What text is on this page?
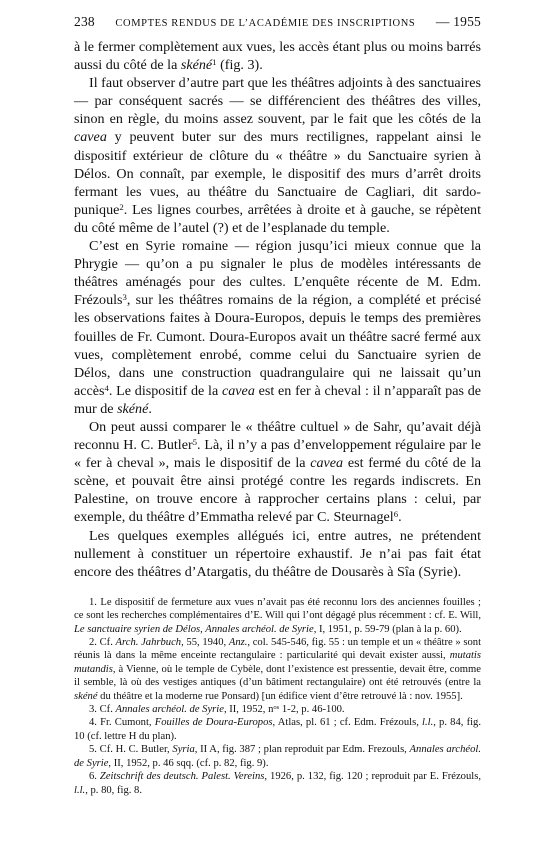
238 COMPTES RENDUS DE L’ACADÉMIE DES INSCRIPTIONS — 1955

à le fermer complètement aux vues, les accès étant plus ou moins barrés aussi du côté de la skéné$^1$ (fig. 3).

Il faut observer d’autre part que les théâtres adjoints à des sanctuaires — par conséquent sacrés — se différencient des théâtres des villes, sinon en règle, du moins assez souvent, par le fait que les côtés de la cavea y peuvent buter sur des murs rectilignes, rappelant ainsi le dispositif extérieur de clôture du « théâtre » du Sanctuaire syrien à Délos. On connaît, par exemple, le dispositif des murs d’arrêt droits fermant les vues, au théâtre du Sanctuaire de Cagliari, dit sardo-punique$^2$. Les lignes courbes, arrêtées à droite et à gauche, se répètent du côté même de l’autel (?) et de l’esplanade du temple.

C’est en Syrie romaine — région jusqu’ici mieux connue que la Phrygie — qu’on a pu signaler le plus de modèles intéressants de théâtres aménagés pour des cultes. L’enquête récente de M. Edm. Frézouls$^3$, sur les théâtres romains de la région, a complété et précisé les observations faites à Doura-Europos, depuis le temps des premières fouilles de Fr. Cumont. Doura-Europos avait un théâtre sacré fermé aux vues, complètement enrobé, comme celui du Sanctuaire syrien de Délos, dans une construction quadrangulaire qui ne laissait qu’un accès$^4$. Le dispositif de la cavea est en fer à cheval : il n’apparaît pas de mur de skéné.

On peut aussi comparer le « théâtre cultuel » de Sahr, qu’avait déjà reconnu H. C. Butler$^5$. Là, il n’y a pas d’enveloppement régulaire par le « fer à cheval », mais le dispositif de la cavea est fermé du côté de la scène, et pouvait être ainsi protégé contre les regards indiscrets. En Palestine, on trouve encore à rapprocher certains plans : celui, par exemple, du théâtre d’Emmatha relevé par C. Steurnagel$^6$.

Les quelques exemples allégués ici, entre autres, ne prétendent nullement à constituer un répertoire exhaustif. Je n’ai pas fait état encore des théâtres d’Atargatis, du théâtre de Dousarès à Sîa (Syrie).

1. Le dispositif de fermeture aux vues n’avait pas été reconnu lors des anciennes fouilles ; ce sont les recherches complémentaires d’E. Will qui l’ont dégagé plus récemment : cf. E. Will, Le sanctuaire syrien de Délos, Annales archéol. de Syrie, I, 1951, p. 59-79 (plan à la p. 60).

2. Cf. Arch. Jahrbuch, 55, 1940, Anz., col. 545-546, fig. 55 : un temple et un « théâtre » sont réunis là dans la même enceinte rectangulaire : particularité qui devait exister aussi, mutatis mutandis, à Vienne, où le temple de Cybèle, dont l’existence est pressentie, devait être, comme il semble, là où des vestiges antiques (d’un bâtiment rectangulaire) ont été retrouvés (entre la skéné du théâtre et la moderne rue Ponsard) [un édifice vient d’être retrouvé là : nov. 1955].

3. Cf. Annales archéol. de Syrie, II, 1952, $n^{os}$ 1-2, p. 46-100.

4. Fr. Cumont, Fouilles de Doura-Europos, Atlas, pl. 61 ; cf. Edm. Frézouls, l.l., p. 84, fig. 10 (cf. lettre H du plan).

5. Cf. H. C. Butler, Syria, II A, fig. 387 ; plan reproduit par Edm. Frezouls, Annales archéol. de Syrie, II, 1952, p. 46 sqq. (cf. p. 82, fig. 9).

6. Zeitschrift des deutsch. Palest. Vereins, 1926, p. 132, fig. 120 ; reproduit par E. Frézouls, l.l., p. 80, fig. 8.
